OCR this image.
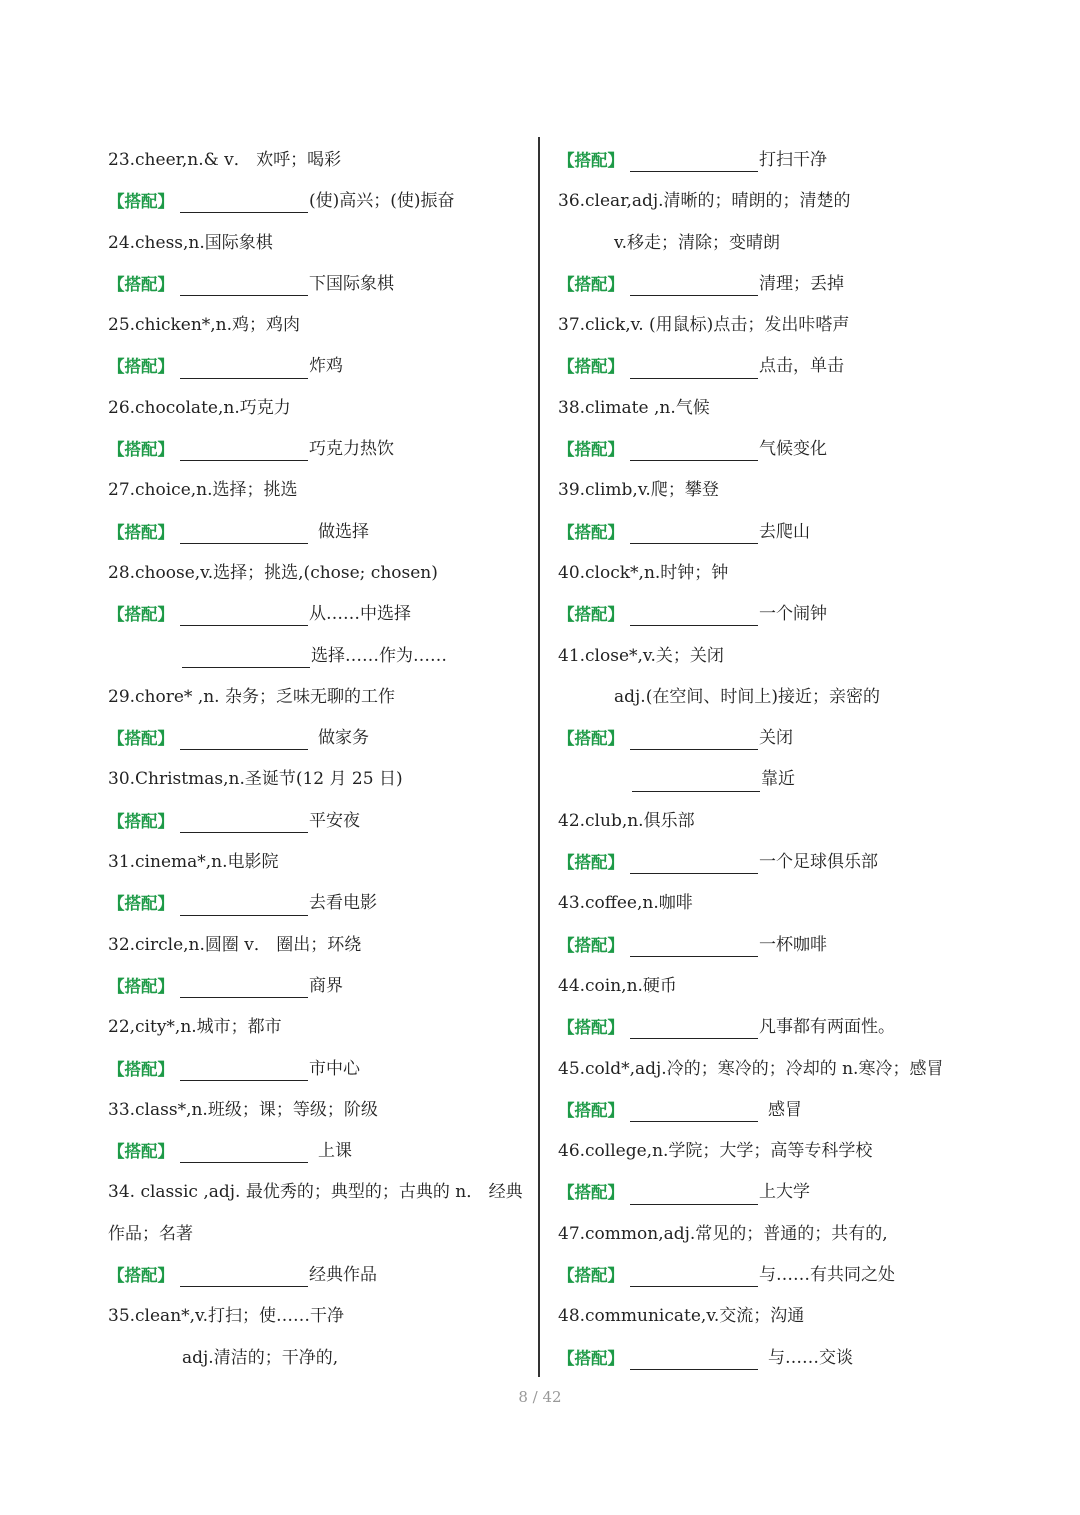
23.cheer,n.& v． 欢呼；喝彩
【搭配】	(使)高兴；(使)振奋
24.chess,n.国际象棋
【搭配】	下国际象棋
25.chicken*,n.鸡；鸡肉
【搭配】	炸鸡
26.chocolate,n.巧克力
【搭配】	巧克力热饮
27.choice,n.选择；挑选
【搭配】	做选择
28.choose,v.选择；挑选,(chose; chosen)
【搭配】	从……中选择
选择……作为……
29.chore* ,n. 杂务；乏味无聊的工作
【搭配】	做家务
30.Christmas,n.圣诞节(12 月 25 日)
【搭配】	平安夜
31.cinema*,n.电影院
【搭配】	去看电影
32.circle,n.圆圈 v． 圈出；环绕
【搭配】	商界
22,city*,n.城市；都市
【搭配】	市中心
33.class*,n.班级；课；等级；阶级
【搭配】	上课
34. classic ,adj. 最优秀的；典型的；古典的 n． 经典
作品；名著
【搭配】	经典作品
35.clean*,v.打扫；使……干净
adj.清洁的；干净的,
【搭配】	打扫干净
36.clear,adj.清晰的；晴朗的；清楚的
v.移走；清除；变晴朗
【搭配】	清理；丢掉
37.click,v. (用鼠标)点击；发出咔嗒声
【搭配】	点击，单击
38.climate ,n.气候
【搭配】	气候变化
39.climb,v.爬；攀登
【搭配】	去爬山
40.clock*,n.时钟；钟
【搭配】	一个闹钟
41.close*,v.关；关闭
adj.(在空间、时间上)接近；亲密的
【搭配】	关闭
靠近
42.club,n.俱乐部
【搭配】	一个足球俱乐部
43.coffee,n.咖啡
【搭配】	一杯咖啡
44.coin,n.硬币
【搭配】	凡事都有两面性。
45.cold*,adj.冷的；寒冷的；冷却的 n.寒冷；感冒
【搭配】	感冒
46.college,n.学院；大学；高等专科学校
【搭配】	上大学
47.common,adj.常见的；普通的；共有的,
【搭配】	与……有共同之处
48.communicate,v.交流；沟通
【搭配】	与……交谈
8 / 42
